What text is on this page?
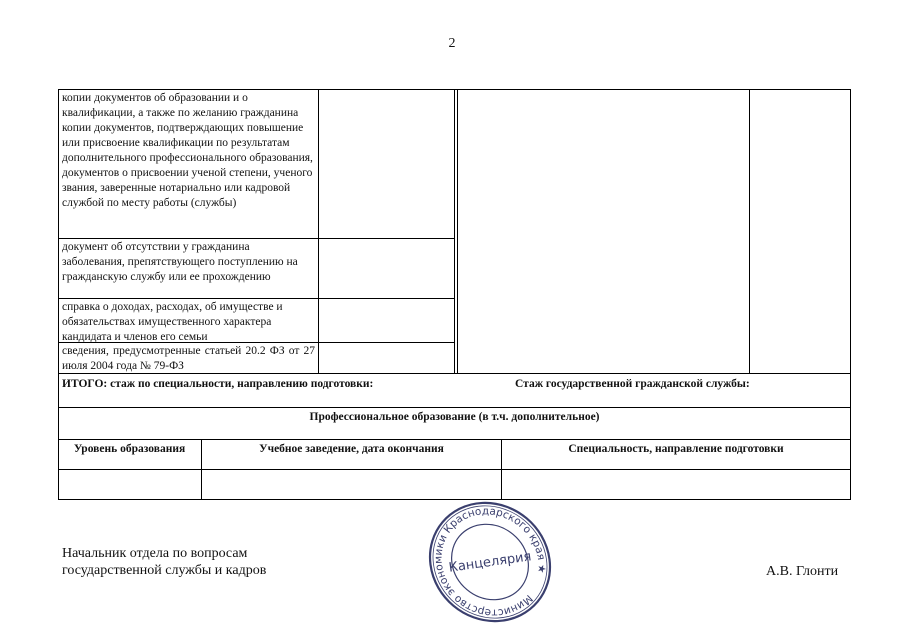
2

копии документов об образовании и о квалификации, а также по желанию гражданина копии документов, подтверждающих повышение или присвоение квалификации по результатам дополнительного профессионального образования, документов о присвоении ученой степени, ученого звания, заверенные нотариально или кадровой службой по месту работы (службы)

документ об отсутствии у гражданина заболевания, препятствующего поступлению на гражданскую службу или ее прохождению

справка о доходах, расходах, об имуществе и обязательствах имущественного характера кандидата и членов его семьи

сведения, предусмотренные статьей 20.2 ФЗ от 27 июля 2004 года № 79-ФЗ

ИТОГО: стаж по специальности, направлению подготовки:	Стаж государственной гражданской службы:

Профессиональное образование (в т.ч. дополнительное)

Уровень образования	Учебное заведение, дата окончания	Специальность, направление подготовки

Начальник отдела по вопросам
государственной службы и кадров	А.В. Глонти
Министерство экономики Краснодарского края ★
Канцелярия
